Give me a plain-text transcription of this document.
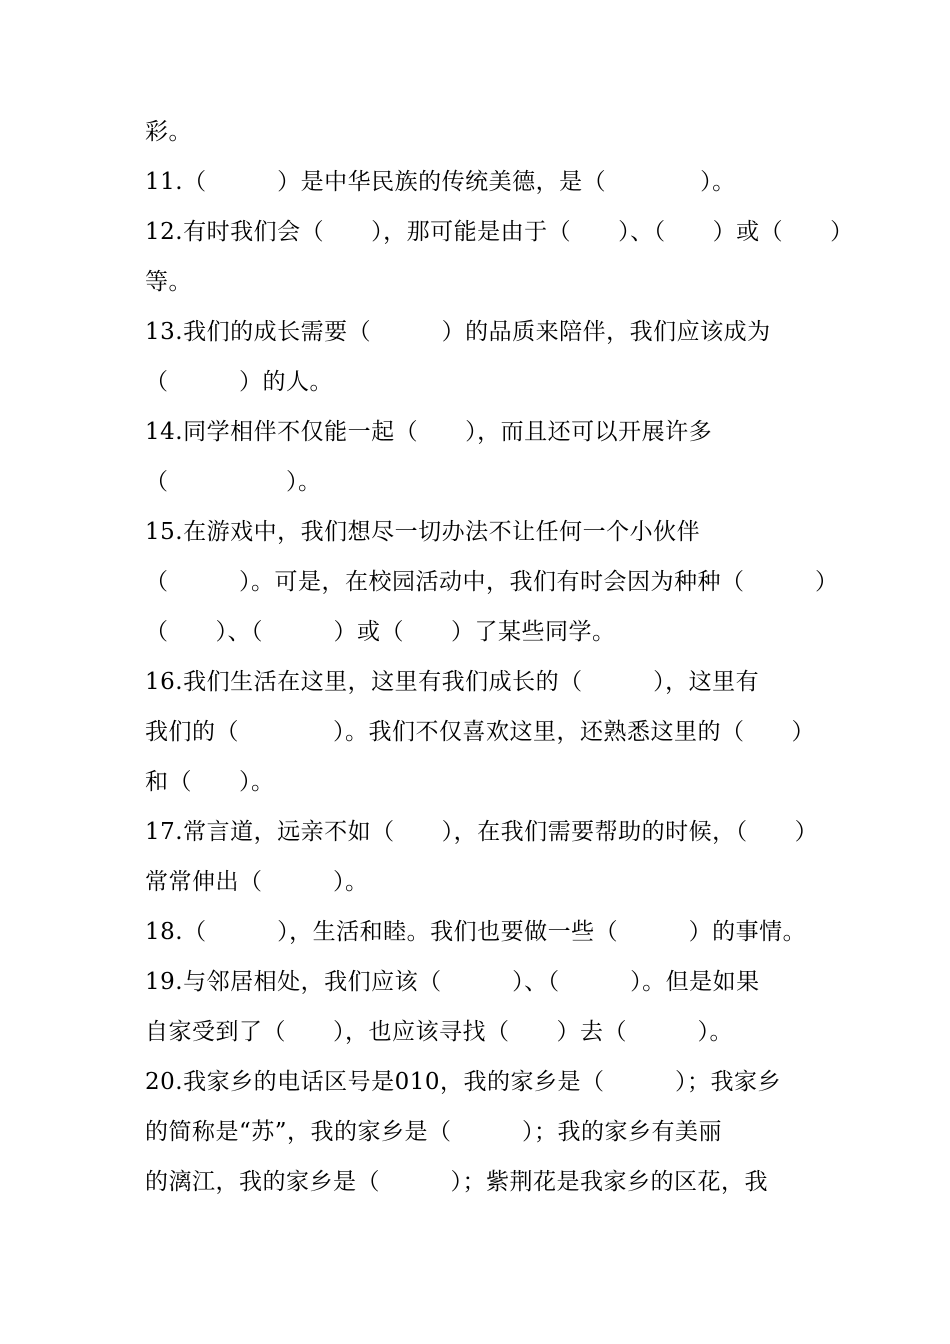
彩。
11.（　　　）是中华民族的传统美德，是（　　　　）。
12.有时我们会（　　），那可能是由于（　　）、（　　）或（　　）
等。
13.我们的成长需要（　　　）的品质来陪伴，我们应该成为
（　　　）的人。
14.同学相伴不仅能一起（　　），而且还可以开展许多
（　　　　　）。
15.在游戏中，我们想尽一切办法不让任何一个小伙伴
（　　　）。可是，在校园活动中，我们有时会因为种种（　　　）
（　　）、（　　　）或（　　）了某些同学。
16.我们生活在这里，这里有我们成长的（　　　），这里有
我们的（　　　　）。我们不仅喜欢这里，还熟悉这里的（　　）
和（　　）。
17.常言道，远亲不如（　　），在我们需要帮助的时候，（　　）
常常伸出（　　　）。
18.（　　　），生活和睦。我们也要做一些（　　　）的事情。
19.与邻居相处，我们应该（　　　）、（　　　）。但是如果
自家受到了（　　），也应该寻找（　　）去（　　　）。
20.我家乡的电话区号是010，我的家乡是（　　　）；我家乡
的简称是“苏”，我的家乡是（　　　）；我的家乡有美丽
的漓江，我的家乡是（　　　）；紫荆花是我家乡的区花，我
